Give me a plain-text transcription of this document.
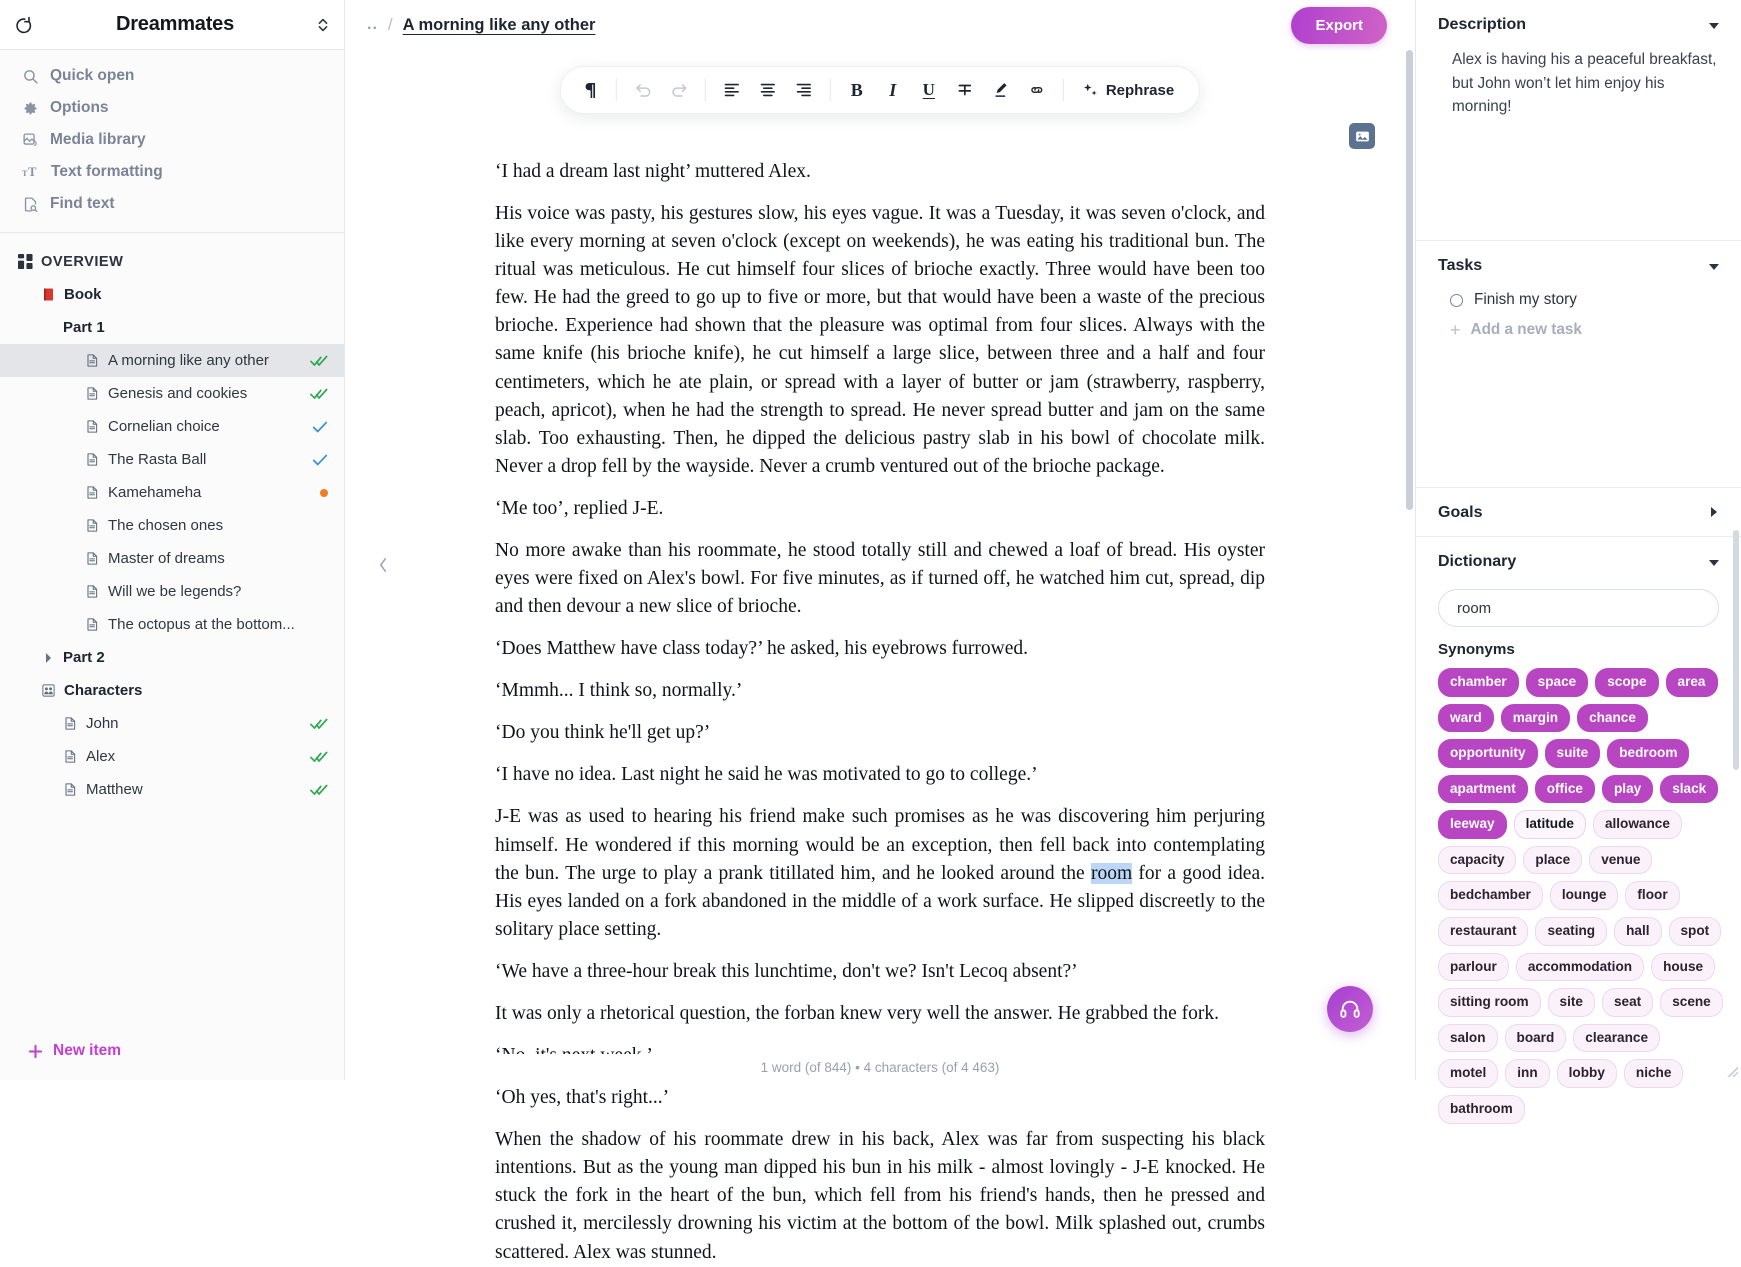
Dreammates
Quick open
Options
Media library
T T Text formatting
Find text
OVERVIEW
Book
Part 1
A morning like any other
Genesis and cookies
Cornelian choice
The Rasta Ball
Kamehameha
The chosen ones
Master of dreams
Will we be legends?
The octopus at the bottom...
Part 2
Characters
John
Alex
Matthew
New item
.. / A morning like any other	Export
B I U	Rephrase

‘I had a dream last night’ muttered Alex.

His voice was pasty, his gestures slow, his eyes vague. It was a Tuesday, it was seven o'clock, and like every morning at seven o'clock (except on weekends), he was eating his traditional bun. The ritual was meticulous. He cut himself four slices of brioche exactly. Three would have been too few. He had the greed to go up to five or more, but that would have been a waste of the precious brioche. Experience had shown that the pleasure was optimal from four slices. Always with the same knife (his brioche knife), he cut himself a large slice, between three and a half and four centimeters, which he ate plain, or spread with a layer of butter or jam (strawberry, raspberry, peach, apricot), when he had the strength to spread. He never spread butter and jam on the same slab. Too exhausting. Then, he dipped the delicious pastry slab in his bowl of chocolate milk. Never a drop fell by the wayside. Never a crumb ventured out of the brioche package.

‘Me too’, replied J-E.

No more awake than his roommate, he stood totally still and chewed a loaf of bread. His oyster eyes were fixed on Alex's bowl. For five minutes, as if turned off, he watched him cut, spread, dip and then devour a new slice of brioche.

‘Does Matthew have class today?’ he asked, his eyebrows furrowed.

‘Mmmh... I think so, normally.’

‘Do you think he'll get up?’

‘I have no idea. Last night he said he was motivated to go to college.’

J-E was as used to hearing his friend make such promises as he was discovering him perjuring himself. He wondered if this morning would be an exception, then fell back into contemplating the bun. The urge to play a prank titillated him, and he looked around the room for a good idea. His eyes landed on a fork abandoned in the middle of a work surface. He slipped discreetly to the solitary place setting.

‘We have a three-hour break this lunchtime, don't we? Isn't Lecoq absent?’

It was only a rhetorical question, the forban knew very well the answer. He grabbed the fork.

‘Oh yes, that's right...’

When the shadow of his roommate drew in his back, Alex was far from suspecting his black intentions. But as the young man dipped his bun in his milk - almost lovingly - J-E knocked. He stuck the fork in the heart of the bun, which fell from his friend's hands, then he pressed and crushed it, mercilessly drowning his victim at the bottom of the bowl. Milk splashed out, crumbs scattered. Alex was stunned.

1 word (of 844) • 4 characters (of 4 463)
Description
Alex is having his a peaceful breakfast, but John won’t let him enjoy his morning!
Tasks
Finish my story
+ Add a new task
Goals
Dictionary
room
Synonyms
chamber	space	scope	area
ward	margin	chance
opportunity	suite	bedroom
apartment	office	play	slack
leeway	latitude	allowance
capacity	place	venue
bedchamber	lounge	floor
restaurant	seating	hall	spot
parlour	accommodation	house
sitting room	site	seat	scene
salon	board	clearance
motel	inn	lobby	niche
bathroom
